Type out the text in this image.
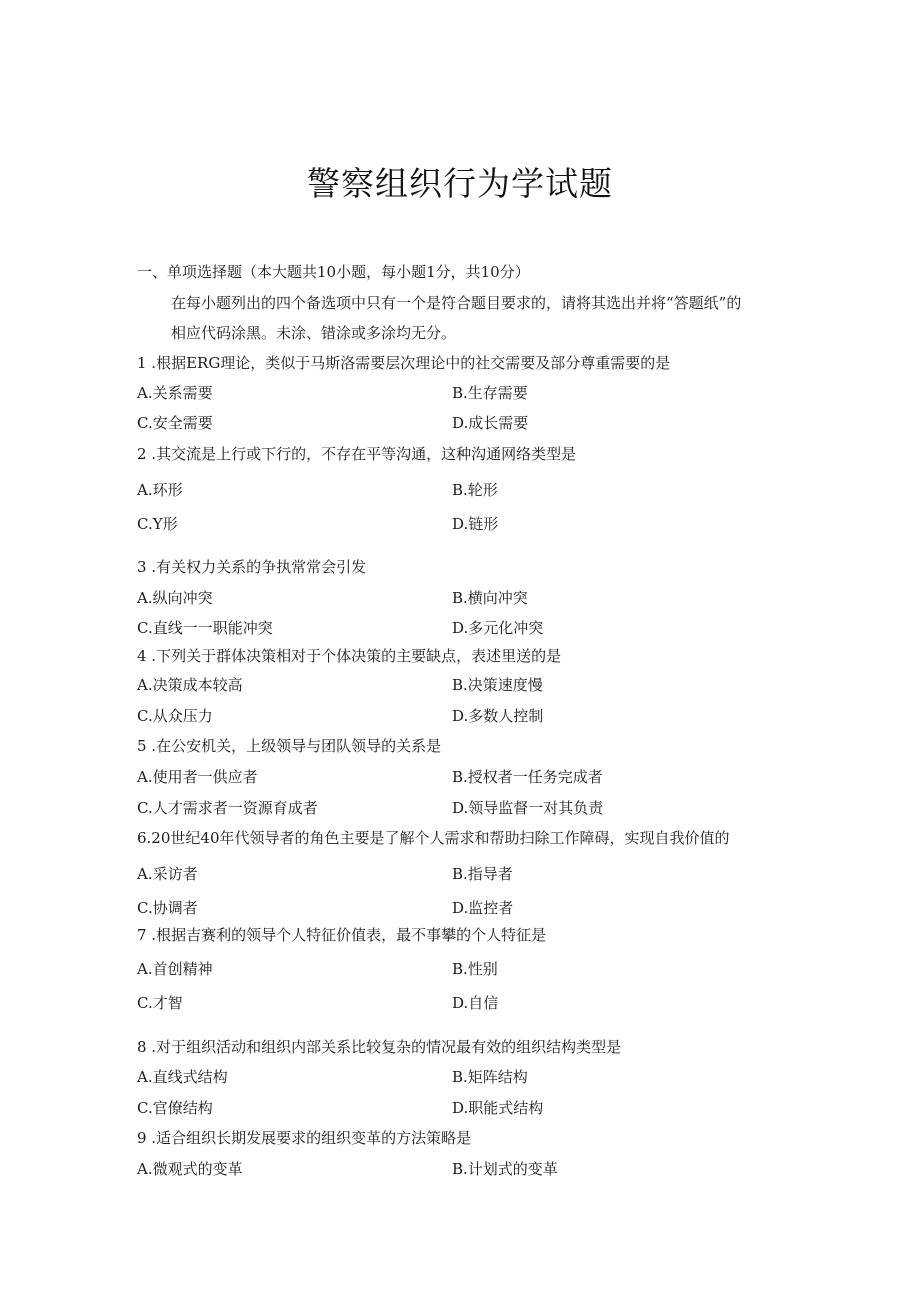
警察组织行为学试题
一、单项选择题（本大题共10小题，每小题1分，共10分）
在每小题列出的四个备选项中只有一个是符合题目要求的，请将其选出并将“答题纸”的
相应代码涂黑。未涂、错涂或多涂均无分。
1 .根据ERG理论，类似于马斯洛需要层次理论中的社交需要及部分尊重需要的是
A.关系需要	B.生存需要
C.安全需要	D.成长需要
2 .其交流是上行或下行的，不存在平等沟通，这种沟通网络类型是
A.环形	B.轮形
C.Y形	D.链形
3 .有关权力关系的争执常常会引发
A.纵向冲突	B.横向冲突
C.直线一一职能冲突	D.多元化冲突
4 .下列关于群体决策相对于个体决策的主要缺点，表述里送的是
A.决策成本较高	B.决策速度慢
C.从众压力	D.多数人控制
5 .在公安机关，上级领导与团队领导的关系是
A.使用者一供应者	B.授权者一任务完成者
C.人才需求者一资源育成者	D.领导监督一对其负责
6.20世纪40年代领导者的角色主要是了解个人需求和帮助扫除工作障碍，实现自我价值的
A.采访者	B.指导者
C.协调者	D.监控者
7 .根据吉赛利的领导个人特征价值表，最不事攀的个人特征是
A.首创精神	B.性别
C.才智	D.自信
8 .对于组织活动和组织内部关系比较复杂的情况最有效的组织结构类型是
A.直线式结构	B.矩阵结构
C.官僚结构	D.职能式结构
9 .适合组织长期发展要求的组织变革的方法策略是
A.微观式的变革	B.计划式的变革
